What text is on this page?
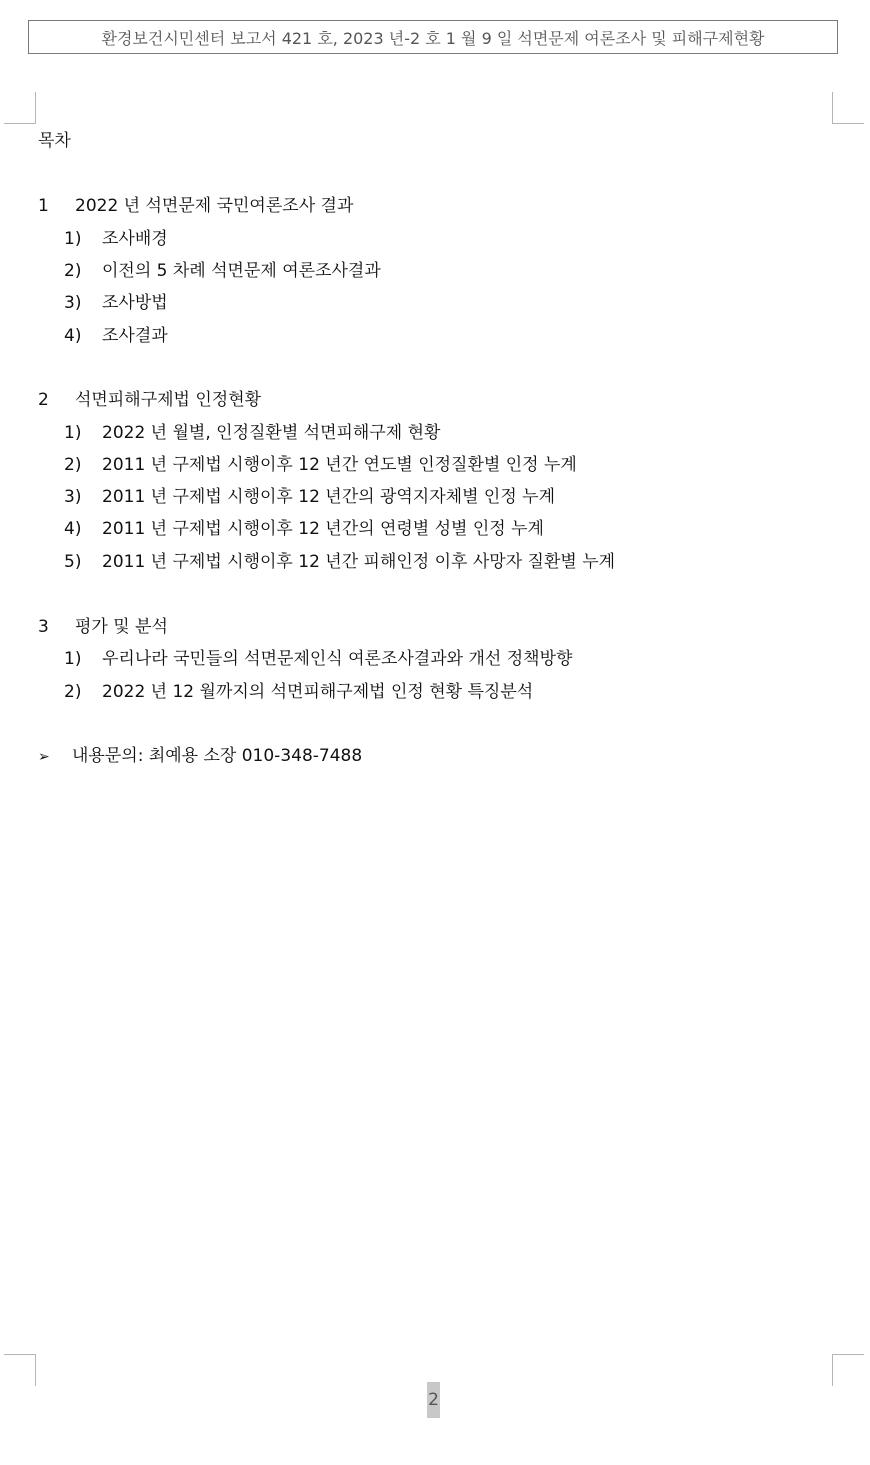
환경보건시민센터 보고서 421 호, 2023 년-2 호 1 월 9 일 석면문제 여론조사 및 피해구제현황
목차
1 2022 년 석면문제 국민여론조사 결과
1) 조사배경
2) 이전의 5 차례 석면문제 여론조사결과
3) 조사방법
4) 조사결과
2 석면피해구제법 인정현황
1) 2022 년 월별, 인정질환별 석면피해구제 현황
2) 2011 년 구제법 시행이후 12 년간 연도별 인정질환별 인정 누계
3) 2011 년 구제법 시행이후 12 년간의 광역지자체별 인정 누계
4) 2011 년 구제법 시행이후 12 년간의 연령별 성별 인정 누계
5) 2011 년 구제법 시행이후 12 년간 피해인정 이후 사망자 질환별 누계
3 평가 및 분석
1) 우리나라 국민들의 석면문제인식 여론조사결과와 개선 정책방향
2) 2022 년 12 월까지의 석면피해구제법 인정 현황 특징분석
➢ 내용문의: 최예용 소장 010-348-7488
2
